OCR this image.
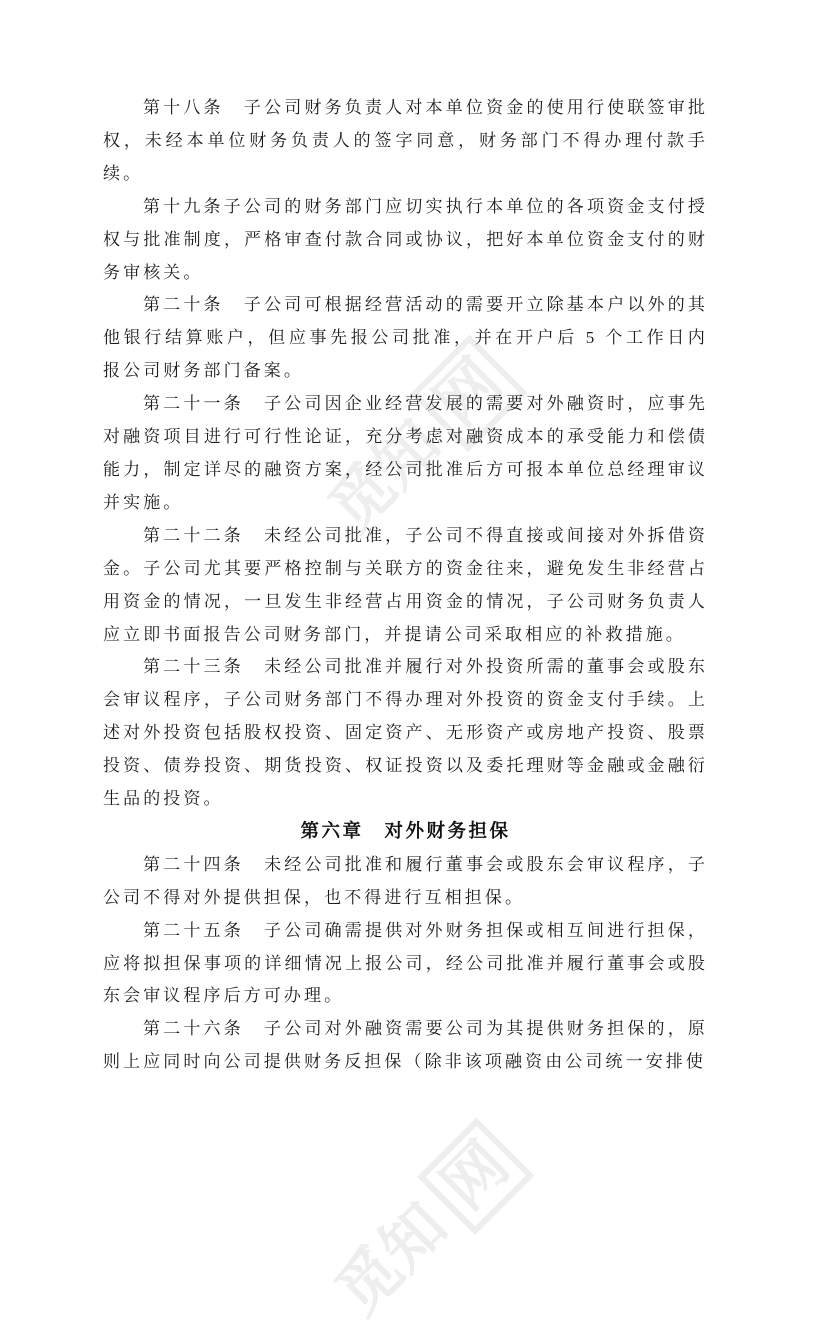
觅知
网
觅知
网

第十八条　子公司财务负责人对本单位资金的使用行使联签审批权，未经本单位财务负责人的签字同意，财务部门不得办理付款手续。

第十九条子公司的财务部门应切实执行本单位的各项资金支付授权与批准制度，严格审查付款合同或协议，把好本单位资金支付的财务审核关。

第二十条　子公司可根据经营活动的需要开立除基本户以外的其他银行结算账户，但应事先报公司批准，并在开户后 5 个工作日内报公司财务部门备案。

第二十一条　子公司因企业经营发展的需要对外融资时，应事先对融资项目进行可行性论证，充分考虑对融资成本的承受能力和偿债能力，制定详尽的融资方案，经公司批准后方可报本单位总经理审议并实施。

第二十二条　未经公司批准，子公司不得直接或间接对外拆借资金。子公司尤其要严格控制与关联方的资金往来，避免发生非经营占用资金的情况，一旦发生非经营占用资金的情况，子公司财务负责人应立即书面报告公司财务部门，并提请公司采取相应的补救措施。

第二十三条　未经公司批准并履行对外投资所需的董事会或股东会审议程序，子公司财务部门不得办理对外投资的资金支付手续。上述对外投资包括股权投资、固定资产、无形资产或房地产投资、股票投资、债券投资、期货投资、权证投资以及委托理财等金融或金融衍生品的投资。

第六章　对外财务担保

第二十四条　未经公司批准和履行董事会或股东会审议程序，子公司不得对外提供担保，也不得进行互相担保。

第二十五条　子公司确需提供对外财务担保或相互间进行担保，应将拟担保事项的详细情况上报公司，经公司批准并履行董事会或股东会审议程序后方可办理。

第二十六条　子公司对外融资需要公司为其提供财务担保的，原则上应同时向公司提供财务反担保（除非该项融资由公司统一安排使
